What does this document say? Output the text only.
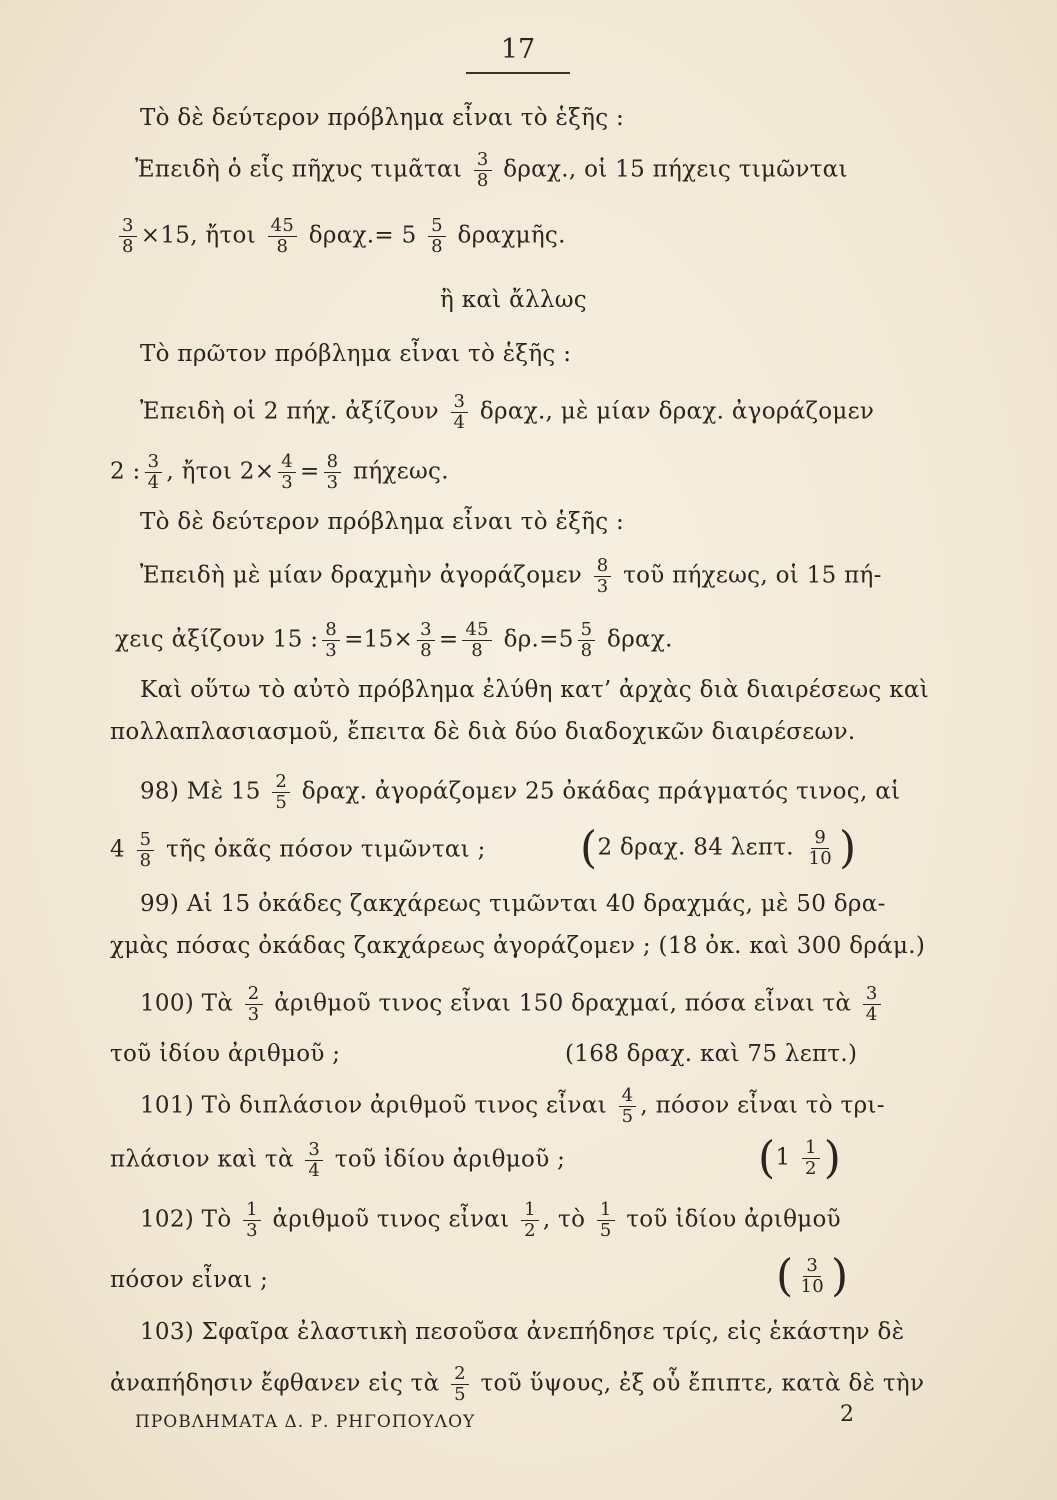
17
Τὸ δὲ δεύτερον πρόβλημα εἶναι τὸ ἑξῆς :
Ἐπειδὴ ὁ εἷς πῆχυς τιμᾶται $\frac{3}{8} \delta\rho\alpha\chi$., οἱ 15 πήχεις τιμῶνται
$\frac{3}{8} \times 15$, ἤτοι $\frac{45}{8} \delta\rho\alpha\chi.= 5 \frac{5}{8}$ δραχμῆς.
ἢ καὶ ἄλλως
Τὸ πρῶτον πρόβλημα εἶναι τὸ ἑξῆς :
Ἐπειδὴ οἱ 2 πήχ. ἀξίζουν $\frac{3}{4} \delta\rho\alpha\chi$., μὲ μίαν δραχ. ἀγοράζομεν
2 : $\frac{3}{4}$ , ἤτοι $2\times \frac{4}{3} = \frac{8}{3} \pi ή\chi\varepsilon\omega\varsigma$.
Τὸ δὲ δεύτερον πρόβλημα εἶναι τὸ ἑξῆς :
Ἐπειδὴ μὲ μίαν δραχμὴν ἀγοράζομεν $\frac{8}{3}$ τοῦ πήχεως, οἱ 15 πή-
χεις ἀξίζουν 15 : $\frac{8}{3} =15\times \frac{3}{8} = \frac{45}{8} \delta\rho.=5 \frac{5}{8} \delta\rho\alpha\chi$.
Καὶ οὕτω τὸ αὐτὸ πρόβλημα ἐλύθη κατ’ ἀρχὰς διὰ διαιρέσεως καὶ
πολλαπλασιασμοῦ, ἔπειτα δὲ διὰ δύο διαδοχικῶν διαιρέσεων.
98) Μὲ $15 \frac{2}{5} \delta\rho\alpha\chi$. ἀγοράζομεν 25 ὀκάδας πράγματός τινος, αἱ
$4 \frac{5}{8}$ τῆς ὀκᾶς πόσον τιμῶνται ; (2 δραχ. 84 λεπτ. $\frac{9}{10}$ )
99) Αἱ 15 ὀκάδες ζακχάρεως τιμῶνται 40 δραχμάς, μὲ 50 δρα-
χμὰς πόσας ὀκάδας ζακχάρεως ἀγοράζομεν ; (18 ὀκ. καὶ 300 δράμ.)
100) Τὰ $\frac{2}{3}$ ἀριθμοῦ τινος εἶναι 150 δραχμαί, πόσα εἶναι τὰ $\frac{3}{4}$
τοῦ ἰδίου ἀριθμοῦ ;	(168 δραχ. καὶ 75 λεπτ.)
101) Τὸ διπλάσιον ἀριθμοῦ τινος εἶναι $\frac{4}{5}$ , πόσον εἶναι τὸ τρι-
πλάσιον καὶ τὰ $\frac{3}{4}$ τοῦ ἰδίου ἀριθμοῦ ;	($1 \frac{1}{2}$ )
102) Τὸ $\frac{1}{3}$ ἀριθμοῦ τινος εἶναι $\frac{1}{2}$ , τὸ $\frac{1}{5}$ τοῦ ἰδίου ἀριθμοῦ
πόσον εἶναι ;	( $\frac{3}{10}$ )
103) Σφαῖρα ἐλαστικὴ πεσοῦσα ἀνεπήδησε τρίς, εἰς ἑκάστην δὲ
ἀναπήδησιν ἔφθανεν εἰς τὰ $\frac{2}{5}$ τοῦ ὕψους, ἐξ οὗ ἔπιπτε, κατὰ δὲ τὴν
ΠΡΟΒΛΗΜΑΤΑ Δ. Ρ. ΡΗΓΟΠΟΥΛΟΥ	2
